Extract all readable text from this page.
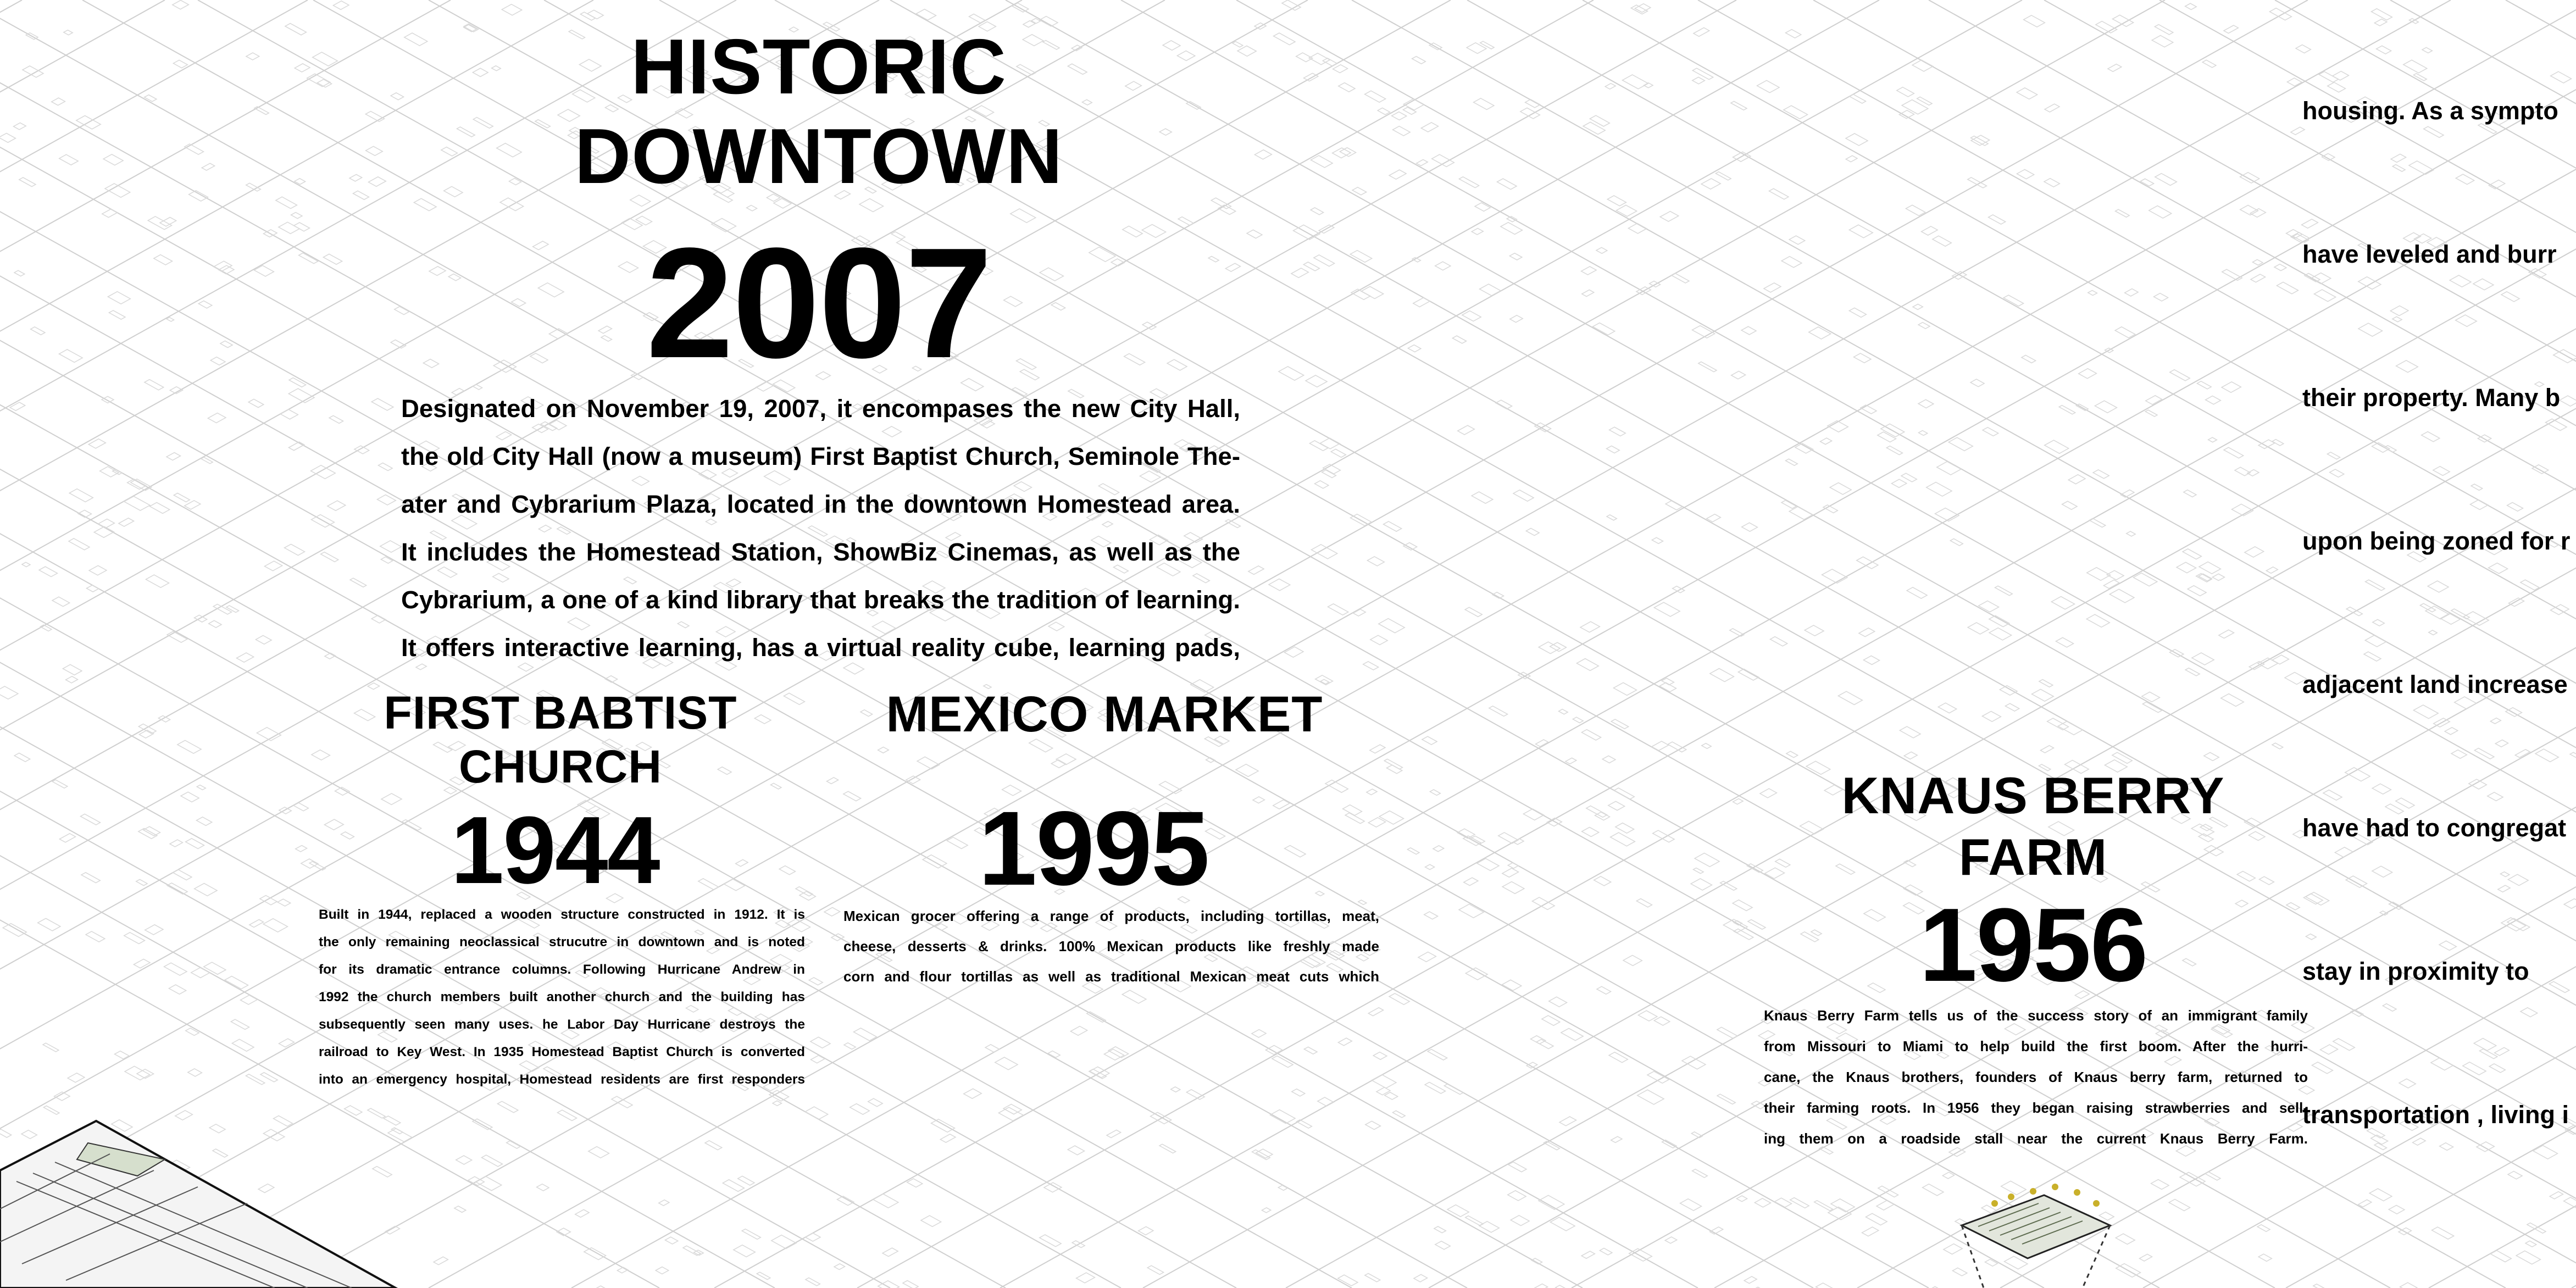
HISTORIC
DOWNTOWN
2007
Designated on November 19, 2007, it encompases the new City Hall,
the old City Hall (now a museum) First Baptist Church, Seminole The-
ater and Cybrarium Plaza, located in the downtown Homestead area.
It includes the Homestead Station, ShowBiz Cinemas, as well as the
Cybrarium, a one of a kind library that breaks the tradition of learning.
It offers interactive learning, has a virtual reality cube, learning pads,
FIRST BABTIST
CHURCH
1944
Built in 1944, replaced a wooden structure constructed in 1912. It is
the only remaining neoclassical strucutre in downtown and is noted
for its dramatic entrance columns. Following Hurricane Andrew in
1992 the church members built another church and the building has
subsequently seen many uses. he Labor Day Hurricane destroys the
railroad to Key West. In 1935 Homestead Baptist Church is converted
into an emergency hospital, Homestead residents are first responders
MEXICO MARKET
1995
Mexican grocer offering a range of products, including tortillas, meat,
cheese, desserts & drinks. 100% Mexican products like freshly made
corn and flour tortillas as well as traditional Mexican meat cuts which
KNAUS BERRY
FARM
1956
Knaus Berry Farm tells us of the success story of an immigrant family
from Missouri to Miami to help build the first boom. After the hurri-
cane, the Knaus brothers, founders of Knaus berry farm, returned to
their farming roots. In 1956 they began raising strawberries and sell-
ing them on a roadside stall near the current Knaus Berry Farm.

housing. As a sympto

have leveled and burr

their property. Many b

upon being zoned for r

adjacent land increase

have had to congregat

stay in proximity to

transportation , living i
